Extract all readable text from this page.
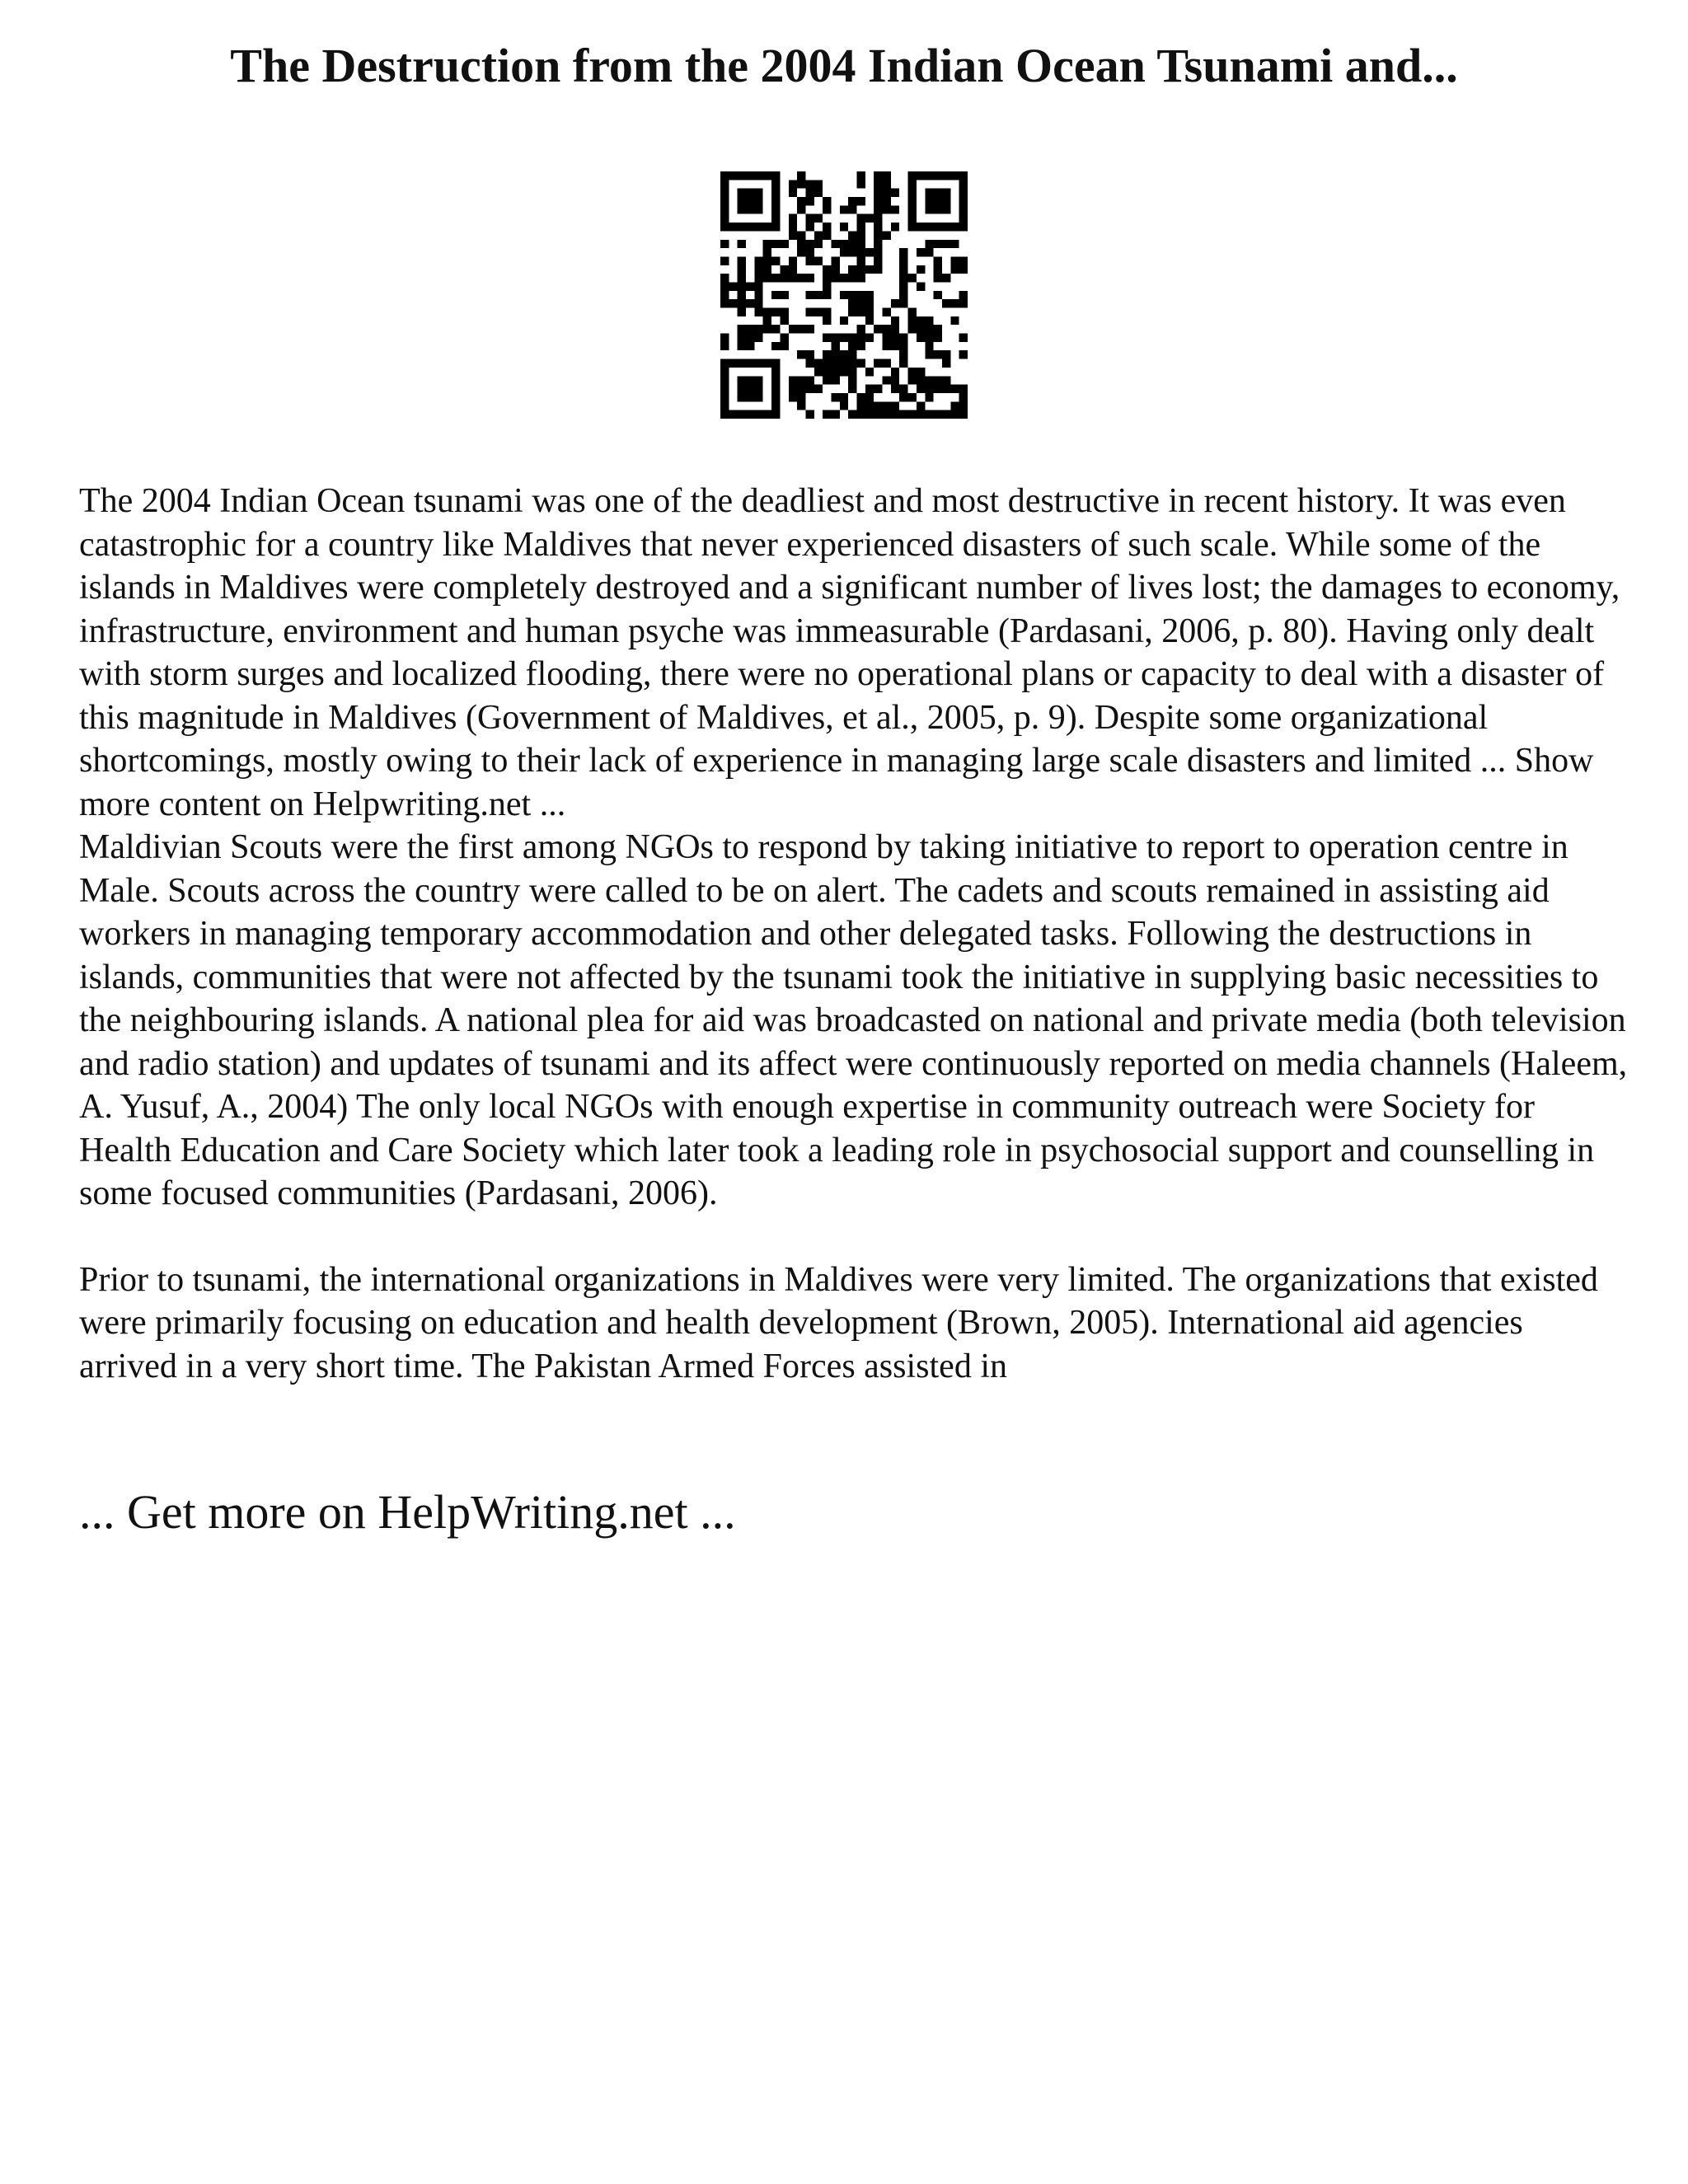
The Destruction from the 2004 Indian Ocean Tsunami and...

The 2004 Indian Ocean tsunami was one of the deadliest and most destructive in recent history. It was even catastrophic for a country like Maldives that never experienced disasters of such scale. While some of the islands in Maldives were completely destroyed and a significant number of lives lost; the damages to economy, infrastructure, environment and human psyche was immeasurable (Pardasani, 2006, p. 80). Having only dealt with storm surges and localized flooding, there were no operational plans or capacity to deal with a disaster of this magnitude in Maldives (Government of Maldives, et al., 2005, p. 9). Despite some organizational shortcomings, mostly owing to their lack of experience in managing large scale disasters and limited ... Show more content on Helpwriting.net ...

Maldivian Scouts were the first among NGOs to respond by taking initiative to report to operation centre in Male. Scouts across the country were called to be on alert. The cadets and scouts remained in assisting aid workers in managing temporary accommodation and other delegated tasks. Following the destructions in islands, communities that were not affected by the tsunami took the initiative in supplying basic necessities to the neighbouring islands. A national plea for aid was broadcasted on national and private media (both television and radio station) and updates of tsunami and its affect were continuously reported on media channels (Haleem, A. Yusuf, A., 2004) The only local NGOs with enough expertise in community outreach were Society for Health Education and Care Society which later took a leading role in psychosocial support and counselling in some focused communities (Pardasani, 2006).

Prior to tsunami, the international organizations in Maldives were very limited. The organizations that existed were primarily focusing on education and health development (Brown, 2005). International aid agencies arrived in a very short time. The Pakistan Armed Forces assisted in

... Get more on HelpWriting.net ...
